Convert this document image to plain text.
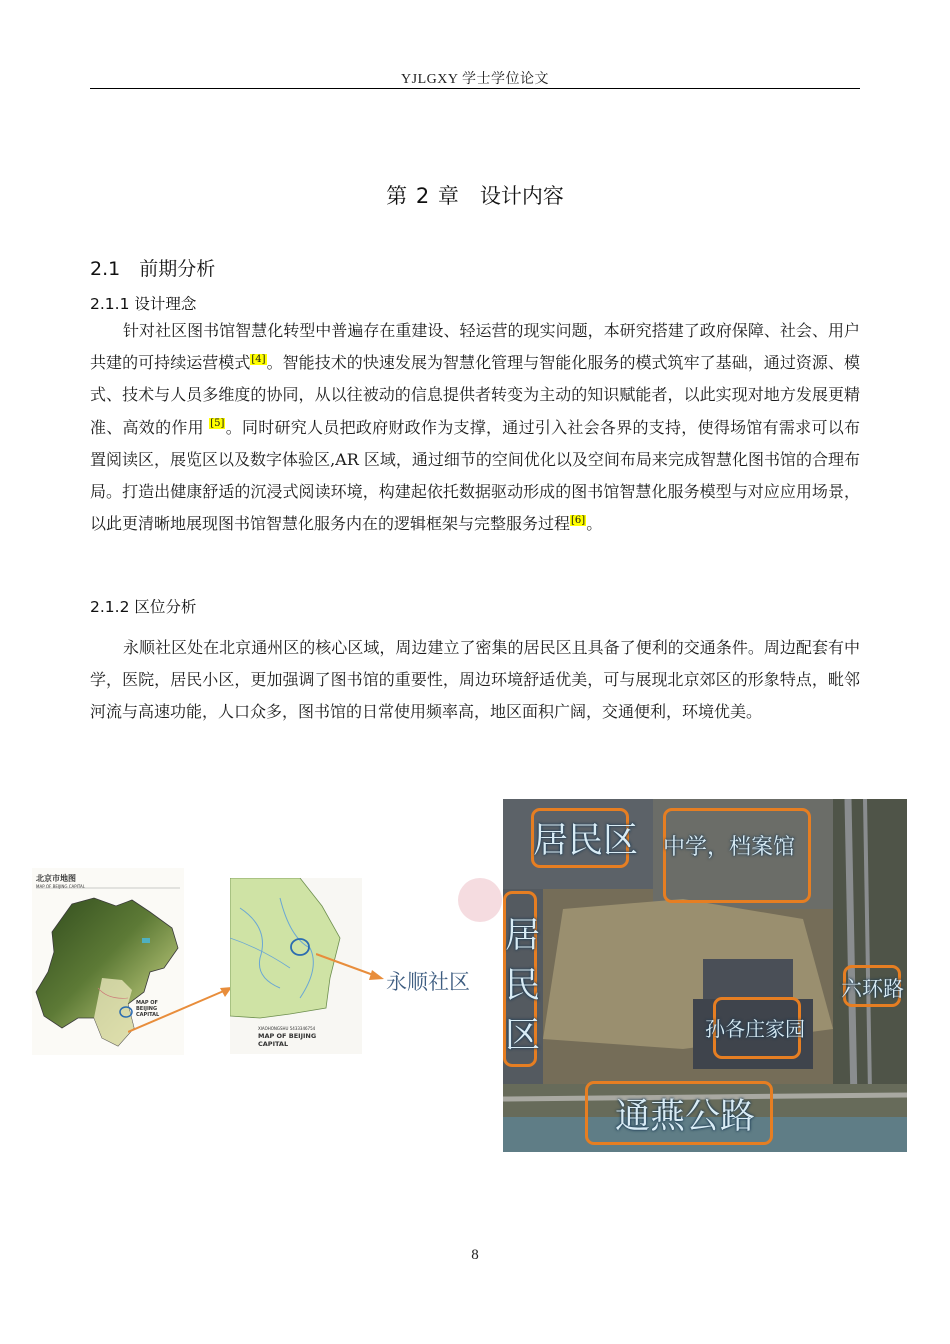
YJLGXY 学士学位论文
第 2 章　设计内容
2.1　前期分析
2.1.1 设计理念
针对社区图书馆智慧化转型中普遍存在重建设、轻运营的现实问题，本研究搭建了政府保障、社会、用户共建的可持续运营模式[4]。智能技术的快速发展为智慧化管理与智能化服务的模式筑牢了基础，通过资源、模式、技术与人员多维度的协同，从以往被动的信息提供者转变为主动的知识赋能者，以此实现对地方发展更精准、高效的作用 [5]。同时研究人员把政府财政作为支撑，通过引入社会各界的支持，使得场馆有需求可以布置阅读区，展览区以及数字体验区,AR 区域，通过细节的空间优化以及空间布局来完成智慧化图书馆的合理布局。打造出健康舒适的沉浸式阅读环境，构建起依托数据驱动形成的图书馆智慧化服务模型与对应应用场景，以此更清晰地展现图书馆智慧化服务内在的逻辑框架与完整服务过程[6]。
2.1.2 区位分析
永顺社区处在北京通州区的核心区域，周边建立了密集的居民区且具备了便利的交通条件。周边配套有中学，医院，居民小区，更加强调了图书馆的重要性，周边环境舒适优美，可与展现北京郊区的形象特点，毗邻河流与高速功能，人口众多，图书馆的日常使用频率高，地区面积广阔，交通便利，环境优美。
北京市地图
MAP OF BEIJING CAPITAL
MAP OF BEIJING CAPITAL
XIAOHONGSHU 5433346754
MAP OF BEIJING CAPITAL
永顺社区
居民区 中学，档案馆
居民区
六环路
孙各庄家园
通燕公路
8
